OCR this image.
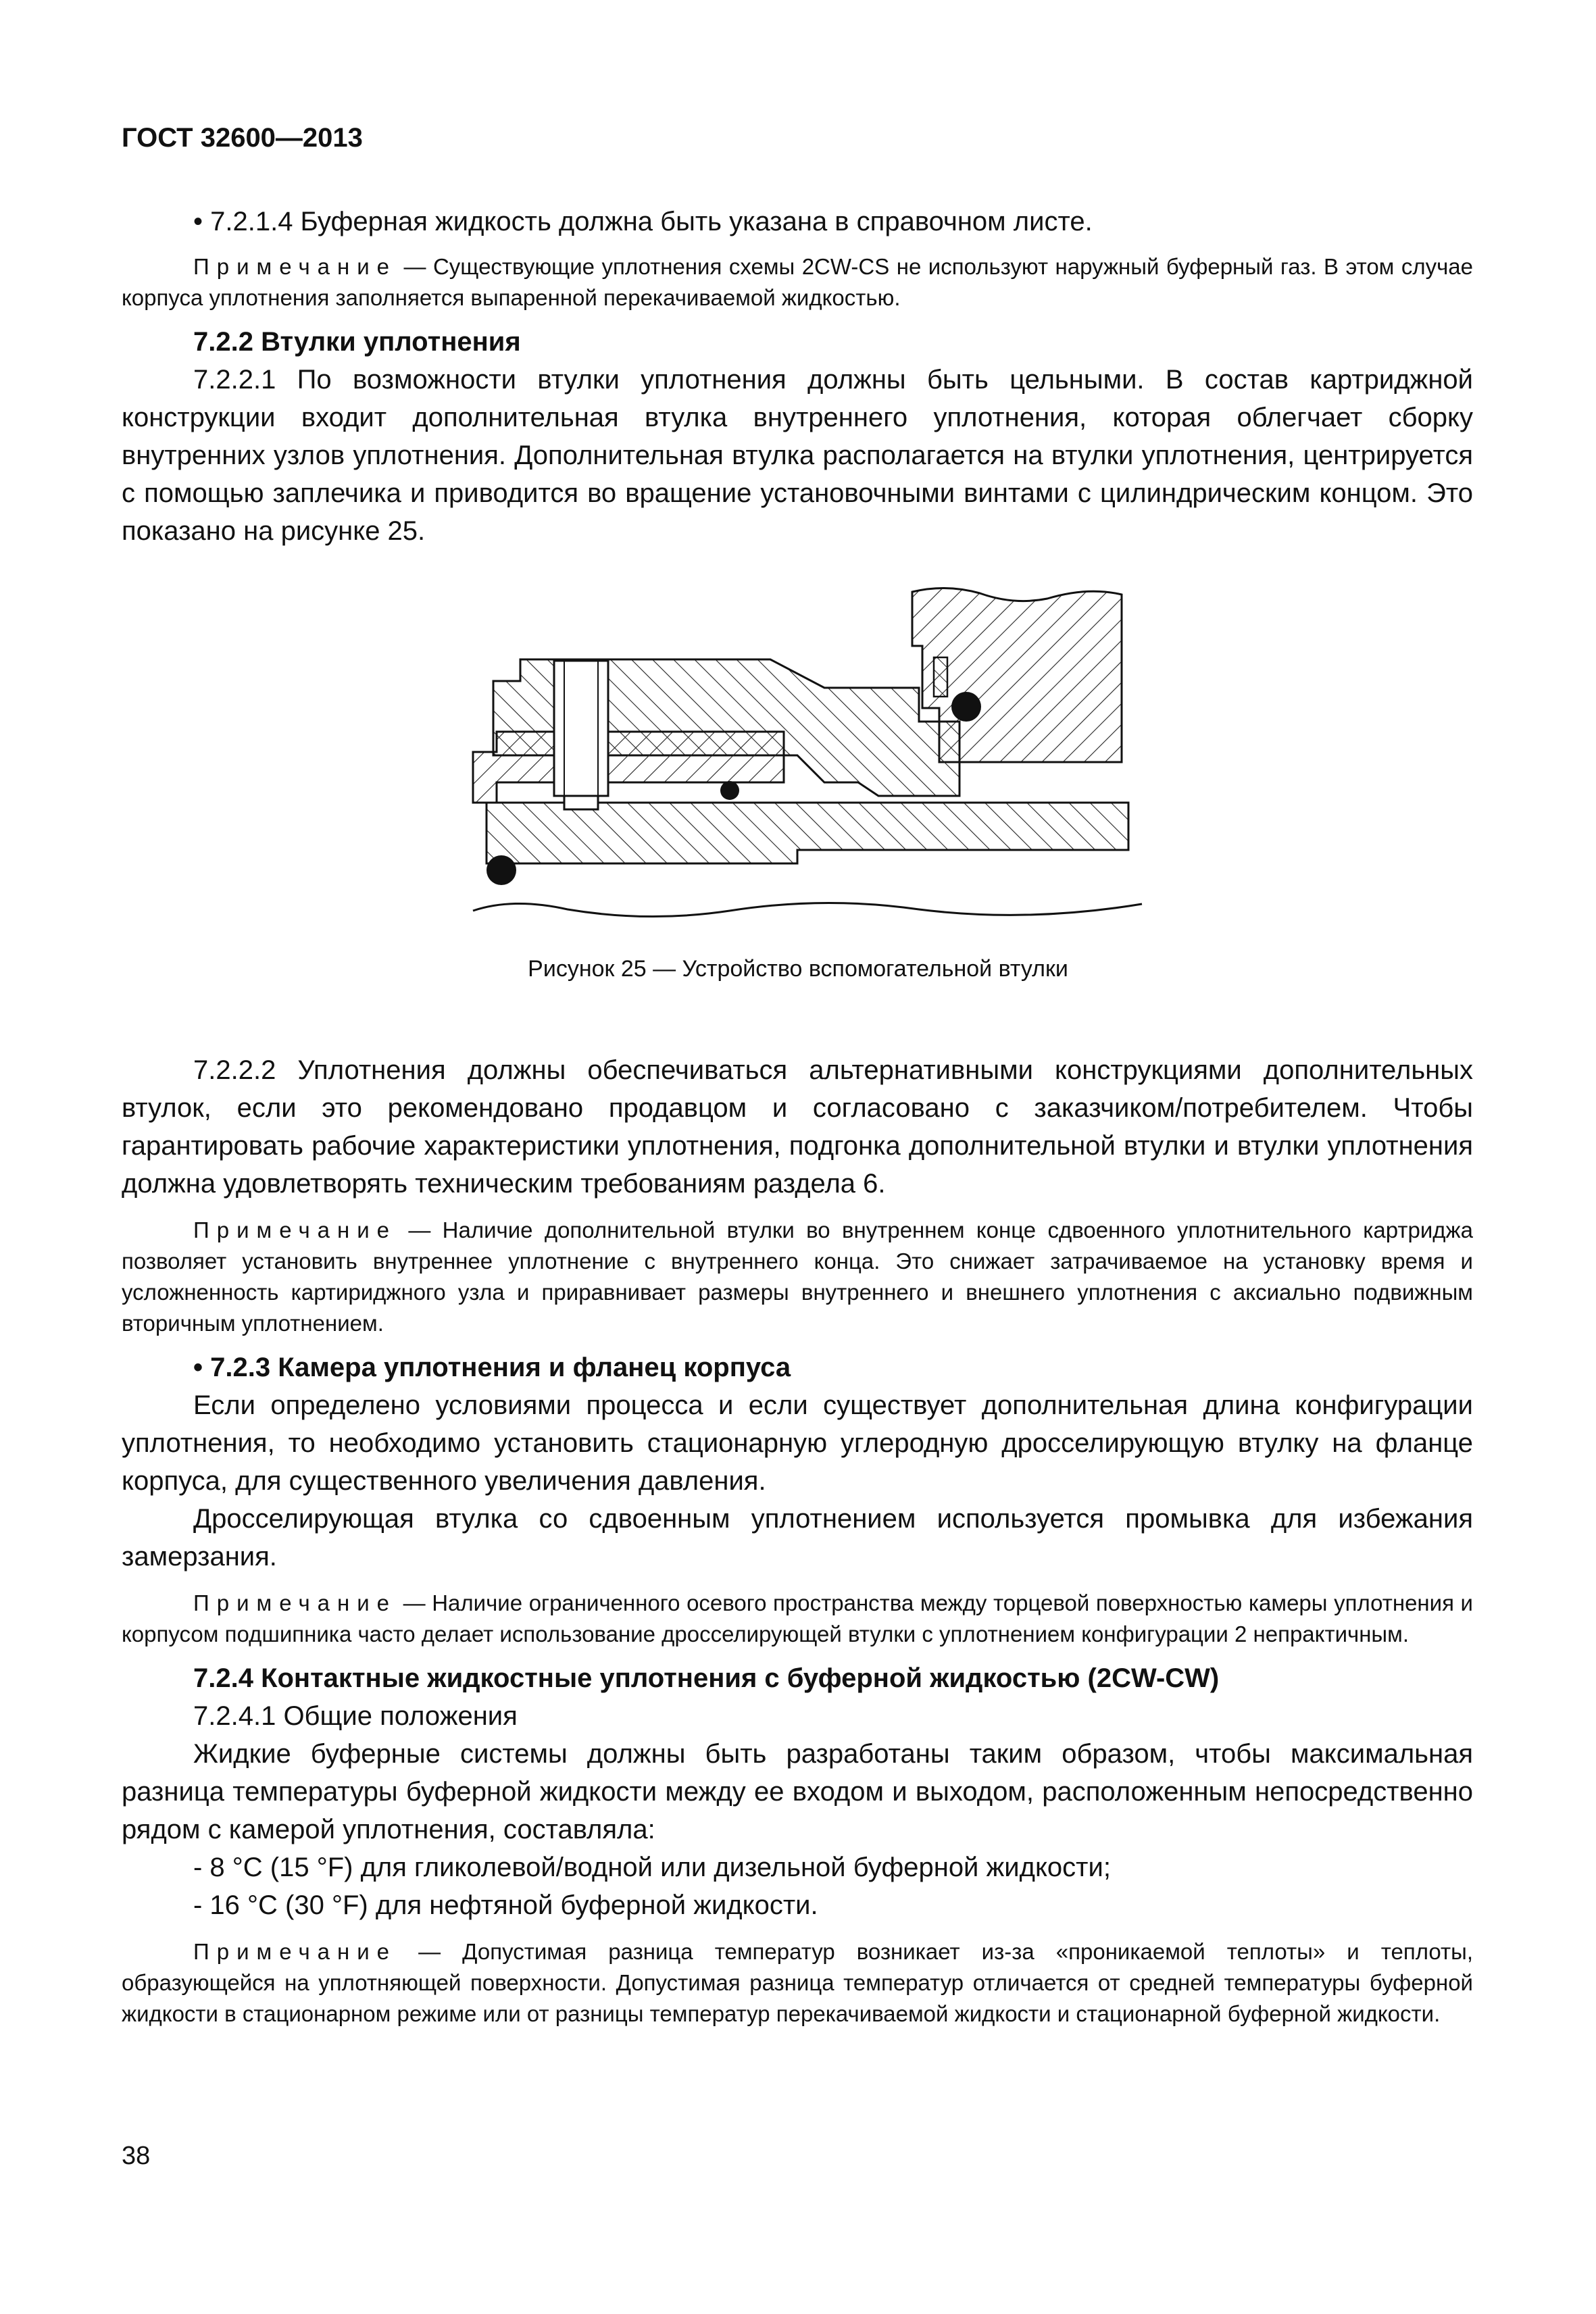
ГОСТ 32600—2013

• 7.2.1.4 Буферная жидкость должна быть указана в справочном листе.

Примечание — Существующие уплотнения схемы 2CW-CS не используют наружный буферный газ. В этом случае корпуса уплотнения заполняется выпаренной перекачиваемой жидкостью.

7.2.2 Втулки уплотнения

7.2.2.1 По возможности втулки уплотнения должны быть цельными. В состав картриджной конструкции входит дополнительная втулка внутреннего уплотнения, которая облегчает сборку внутренних узлов уплотнения. Дополнительная втулка располагается на втулки уплотнения, центрируется с помощью заплечика и приводится во вращение установочными винтами с цилиндрическим концом. Это показано на рисунке 25.

Рисунок 25 — Устройство вспомогательной втулки

7.2.2.2 Уплотнения должны обеспечиваться альтернативными конструкциями дополнительных втулок, если это рекомендовано продавцом и согласовано с заказчиком/потребителем. Чтобы гарантировать рабочие характеристики уплотнения, подгонка дополнительной втулки и втулки уплотнения должна удовлетворять техническим требованиям раздела 6.

Примечание — Наличие дополнительной втулки во внутреннем конце сдвоенного уплотнительного картриджа позволяет установить внутреннее уплотнение с внутреннего конца. Это снижает затрачиваемое на установку время и усложненность картириджного узла и приравнивает размеры внутреннего и внешнего уплотнения с аксиально подвижным вторичным уплотнением.

• 7.2.3 Камера уплотнения и фланец корпуса

Если определено условиями процесса и если существует дополнительная длина конфигурации уплотнения, то необходимо установить стационарную углеродную дросселирующую втулку на фланце корпуса, для существенного увеличения давления.

Дросселирующая втулка со сдвоенным уплотнением используется промывка для избежания замерзания.

Примечание — Наличие ограниченного осевого пространства между торцевой поверхностью камеры уплотнения и корпусом подшипника часто делает использование дросселирующей втулки с уплотнением конфигурации 2 непрактичным.

7.2.4 Контактные жидкостные уплотнения с буферной жидкостью (2CW-CW)

7.2.4.1 Общие положения

Жидкие буферные системы должны быть разработаны таким образом, чтобы максимальная разница температуры буферной жидкости между ее входом и выходом, расположенным непосредственно рядом с камерой уплотнения, составляла:

- 8 °С (15 °F) для гликолевой/водной или дизельной буферной жидкости;

- 16 °С (30 °F) для нефтяной буферной жидкости.

Примечание — Допустимая разница температур возникает из-за «проникаемой теплоты» и теплоты, образующейся на уплотняющей поверхности. Допустимая разница температур отличается от средней температуры буферной жидкости в стационарном режиме или от разницы температур перекачиваемой жидкости и стационарной буферной жидкости.

38
